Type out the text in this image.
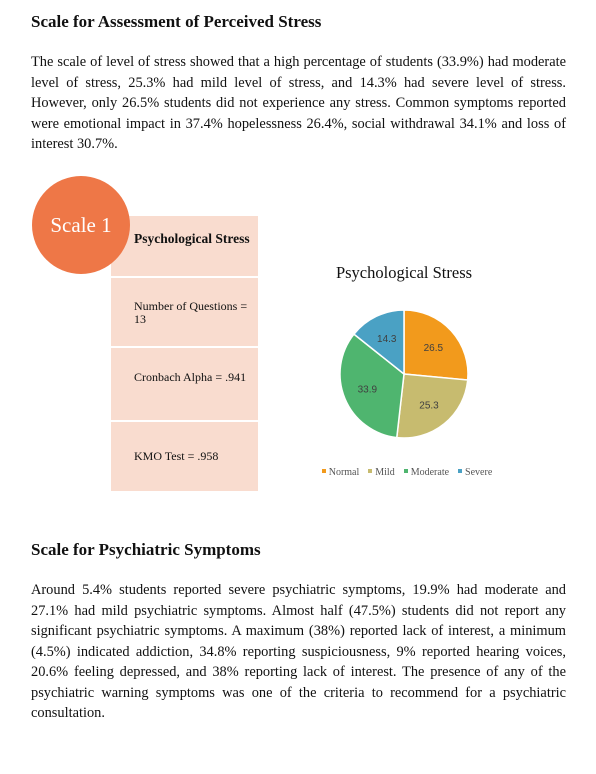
Scale for Assessment of Perceived Stress

The scale of level of stress showed that a high percentage of students (33.9%) had moderate level of stress, 25.3% had mild level of stress, and 14.3% had severe level of stress. However, only 26.5% students did not experience any stress. Common symptoms reported were emotional impact in 37.4% hopelessness 26.4%, social withdrawal 34.1% and loss of interest 30.7%.

Scale 1
Psychological Stress
Number of Questions = 13
Cronbach Alpha = .941
KMO Test = .958
Psychological Stress
26.5
25.3
33.9
14.3
Normal	Mild	Moderate	Severe
Scale for Psychiatric Symptoms

Around 5.4% students reported severe psychiatric symptoms, 19.9% had moderate and 27.1% had mild psychiatric symptoms. Almost half (47.5%) students did not report any significant psychiatric symptoms. A maximum (38%) reported lack of interest, a minimum (4.5%) indicated addiction, 34.8% reporting suspiciousness, 9% reported hearing voices, 20.6% feeling depressed, and 38% reporting lack of interest. The presence of any of the psychiatric warning symptoms was one of the criteria to recommend for a psychiatric consultation.
